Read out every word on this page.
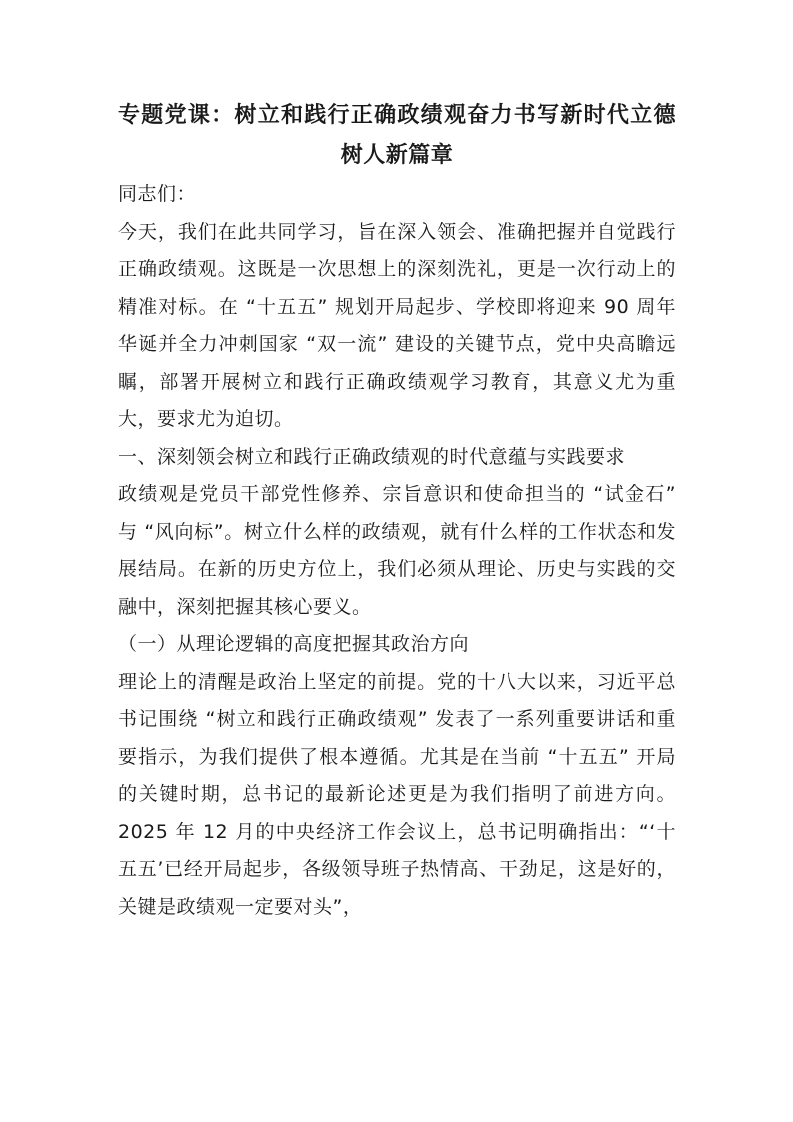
专题党课：树立和践行正确政绩观奋力书写新时代立德树人新篇章

同志们：

今天，我们在此共同学习，旨在深入领会、准确把握并自觉践行正确政绩观。这既是一次思想上的深刻洗礼，更是一次行动上的精准对标。在 “十五五” 规划开局起步、学校即将迎来 90 周年华诞并全力冲刺国家 “双一流” 建设的关键节点，党中央高瞻远瞩，部署开展树立和践行正确政绩观学习教育，其意义尤为重大，要求尤为迫切。

一、深刻领会树立和践行正确政绩观的时代意蕴与实践要求

政绩观是党员干部党性修养、宗旨意识和使命担当的 “试金石” 与 “风向标”。树立什么样的政绩观，就有什么样的工作状态和发展结局。在新的历史方位上，我们必须从理论、历史与实践的交融中，深刻把握其核心要义。

（一）从理论逻辑的高度把握其政治方向

理论上的清醒是政治上坚定的前提。党的十八大以来，习近平总书记围绕 “树立和践行正确政绩观” 发表了一系列重要讲话和重要指示，为我们提供了根本遵循。尤其是在当前 “十五五” 开局的关键时期，总书记的最新论述更是为我们指明了前进方向。2025 年 12 月的中央经济工作会议上，总书记明确指出：“‘十五五’已经开局起步，各级领导班子热情高、干劲足，这是好的，关键是政绩观一定要对头”，
